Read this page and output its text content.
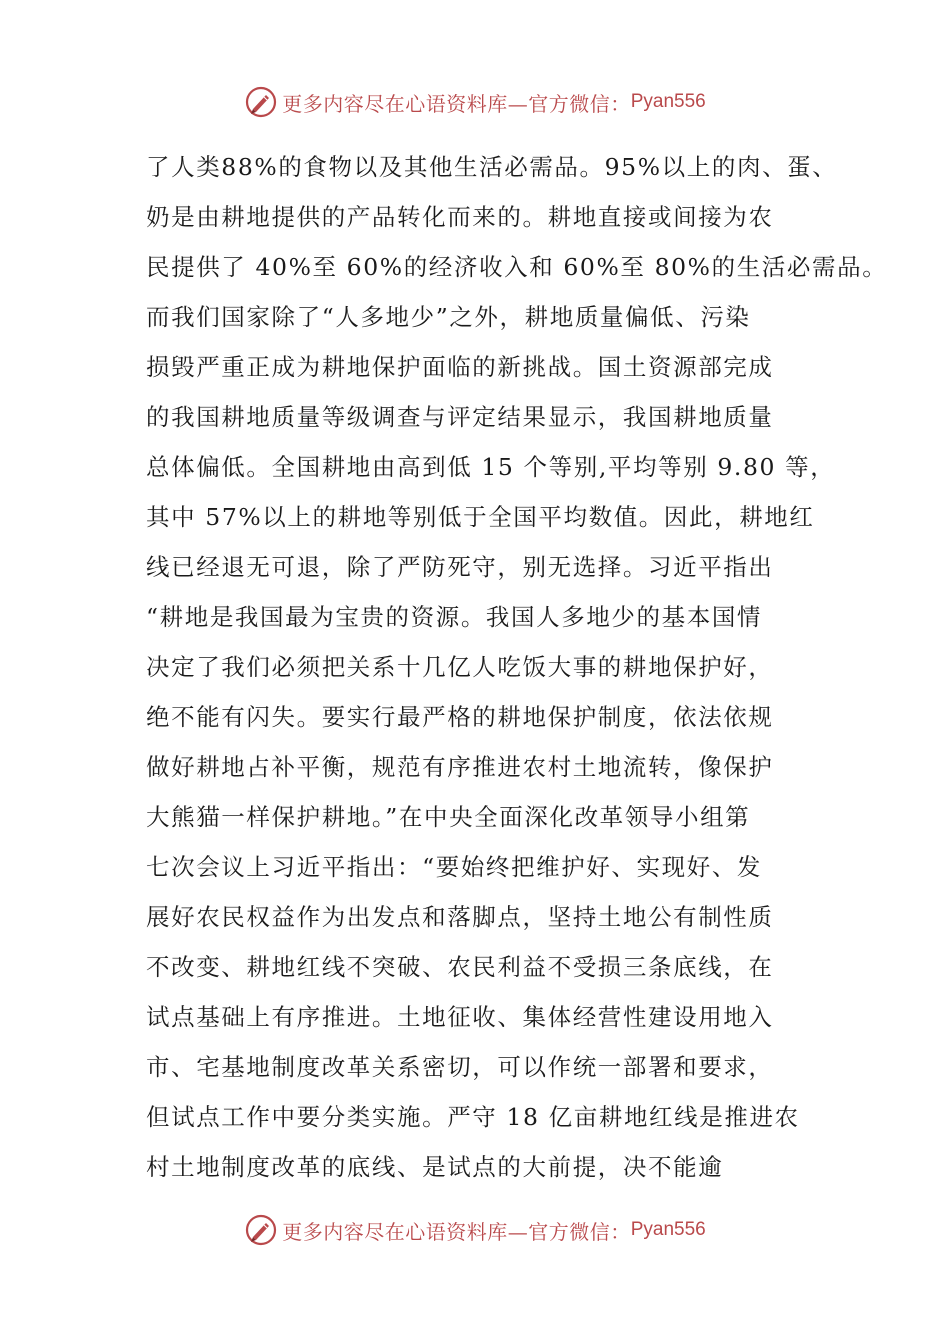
更多内容尽在心语资料库—官方微信： Pyan556
了人类88%的食物以及其他生活必需品。95%以上的肉、蛋、
奶是由耕地提供的产品转化而来的。耕地直接或间接为农
民提供了 40%至 60%的经济收入和 60%至 80%的生活必需品。
而我们国家除了“人多地少”之外，耕地质量偏低、污染
损毁严重正成为耕地保护面临的新挑战。国土资源部完成
的我国耕地质量等级调查与评定结果显示，我国耕地质量
总体偏低。全国耕地由高到低 15 个等别,平均等别 9.80 等，
其中 57%以上的耕地等别低于全国平均数值。因此，耕地红
线已经退无可退，除了严防死守，别无选择。习近平指出
“耕地是我国最为宝贵的资源。我国人多地少的基本国情
决定了我们必须把关系十几亿人吃饭大事的耕地保护好，
绝不能有闪失。要实行最严格的耕地保护制度，依法依规
做好耕地占补平衡，规范有序推进农村土地流转，像保护
大熊猫一样保护耕地。”在中央全面深化改革领导小组第
七次会议上习近平指出：“要始终把维护好、实现好、发
展好农民权益作为出发点和落脚点，坚持土地公有制性质
不改变、耕地红线不突破、农民利益不受损三条底线，在
试点基础上有序推进。土地征收、集体经营性建设用地入
市、宅基地制度改革关系密切，可以作统一部署和要求，
但试点工作中要分类实施。严守 18 亿亩耕地红线是推进农
村土地制度改革的底线、是试点的大前提，决不能逾
更多内容尽在心语资料库—官方微信： Pyan556
